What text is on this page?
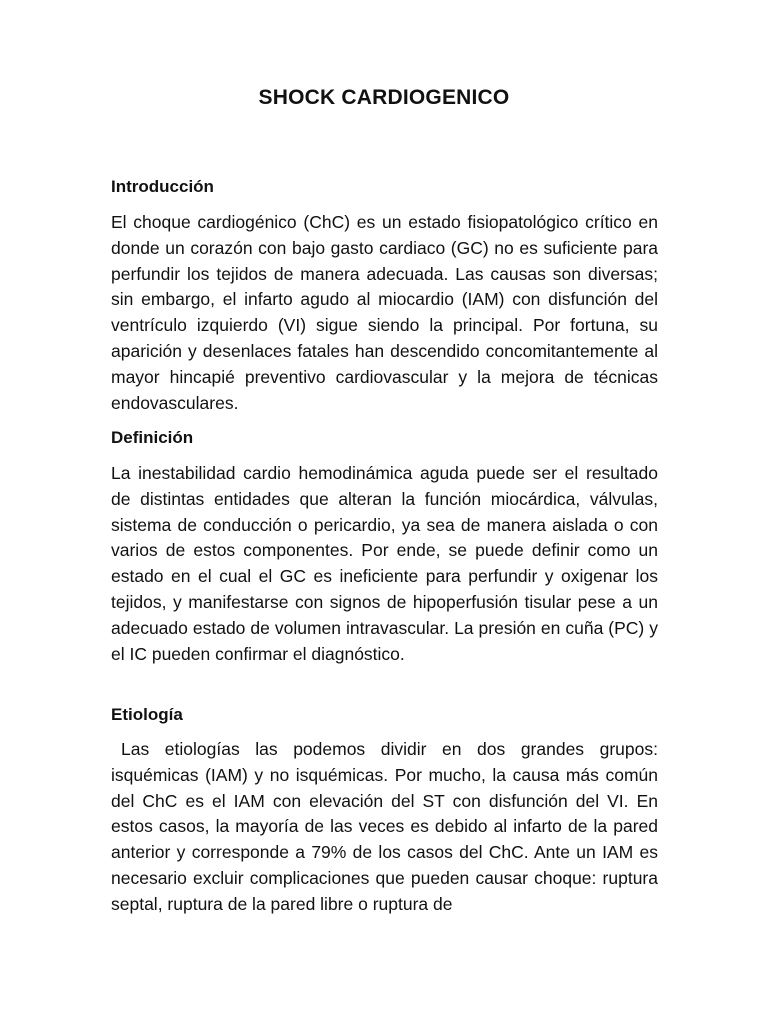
SHOCK CARDIOGENICO
Introducción

El choque cardiogénico (ChC) es un estado fisiopatológico crítico en donde un corazón con bajo gasto cardiaco (GC) no es suficiente para perfundir los tejidos de manera adecuada. Las causas son diversas; sin embargo, el infarto agudo al miocardio (IAM) con disfunción del ventrículo izquierdo (VI) sigue siendo la principal. Por fortuna, su aparición y desenlaces fatales han descendido concomitantemente al mayor hincapié preventivo cardiovascular y la mejora de técnicas endovasculares.

Definición

La inestabilidad cardio hemodinámica aguda puede ser el resultado de distintas entidades que alteran la función miocárdica, válvulas, sistema de conducción o pericardio, ya sea de manera aislada o con varios de estos componentes. Por ende, se puede definir como un estado en el cual el GC es ineficiente para perfundir y oxigenar los tejidos, y manifestarse con signos de hipoperfusión tisular pese a un adecuado estado de volumen intravascular. La presión en cuña (PC) y el IC pueden confirmar el diagnóstico.

Etiología

Las etiologías las podemos dividir en dos grandes grupos: isquémicas (IAM) y no isquémicas. Por mucho, la causa más común del ChC es el IAM con elevación del ST con disfunción del VI. En estos casos, la mayoría de las veces es debido al infarto de la pared anterior y corresponde a 79% de los casos del ChC. Ante un IAM es necesario excluir complicaciones que pueden causar choque: ruptura septal, ruptura de la pared libre o ruptura de
